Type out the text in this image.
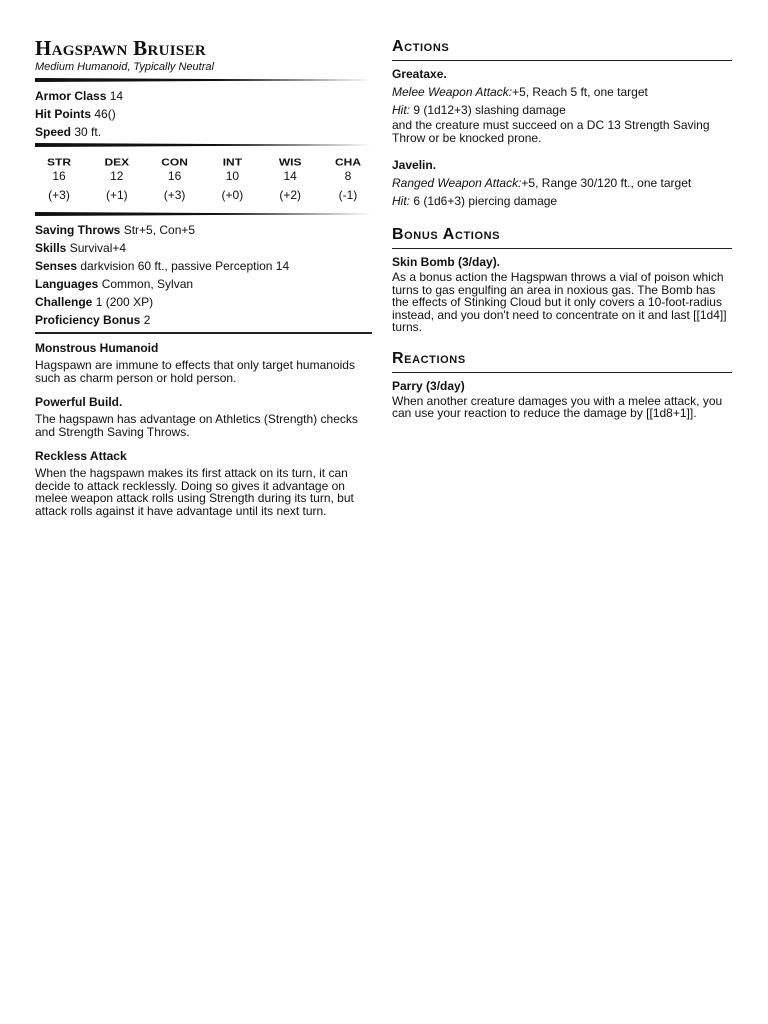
Hagspawn Bruiser

Medium Humanoid, Typically Neutral

Armor Class 14
Hit Points 46()
Speed 30 ft.
STR
16
(+3)
DEX
12
(+1)
CON
16
(+3)
INT
10
(+0)
WIS
14
(+2)
CHA
8
(-1)
Saving Throws Str+5, Con+5
Skills Survival+4
Senses darkvision 60 ft., passive Perception 14
Languages Common, Sylvan
Challenge 1 (200 XP)
Proficiency Bonus 2
Monstrous Humanoid
Hagspawn are immune to effects that only target humanoids such as charm person or hold person.
Powerful Build.
The hagspawn has advantage on Athletics (Strength) checks and Strength Saving Throws.
Reckless Attack
When the hagspawn makes its first attack on its turn, it can decide to attack recklessly. Doing so gives it advantage on melee weapon attack rolls using Strength during its turn, but attack rolls against it have advantage until its next turn.
Actions
Greataxe.
Melee Weapon Attack:+5, Reach 5 ft, one target
Hit: 9 (1d12+3) slashing damage
and the creature must succeed on a DC 13 Strength Saving Throw or be knocked prone.
Javelin.
Ranged Weapon Attack:+5, Range 30/120 ft., one target
Hit: 6 (1d6+3) piercing damage
Bonus Actions
Skin Bomb (3/day).
As a bonus action the Hagspwan throws a vial of poison which turns to gas engulfing an area in noxious gas. The Bomb has the effects of Stinking Cloud but it only covers a 10-foot-radius instead, and you don't need to concentrate on it and last [[1d4]] turns.
Reactions
Parry (3/day)
When another creature damages you with a melee attack, you can use your reaction to reduce the damage by [[1d8+1]].
